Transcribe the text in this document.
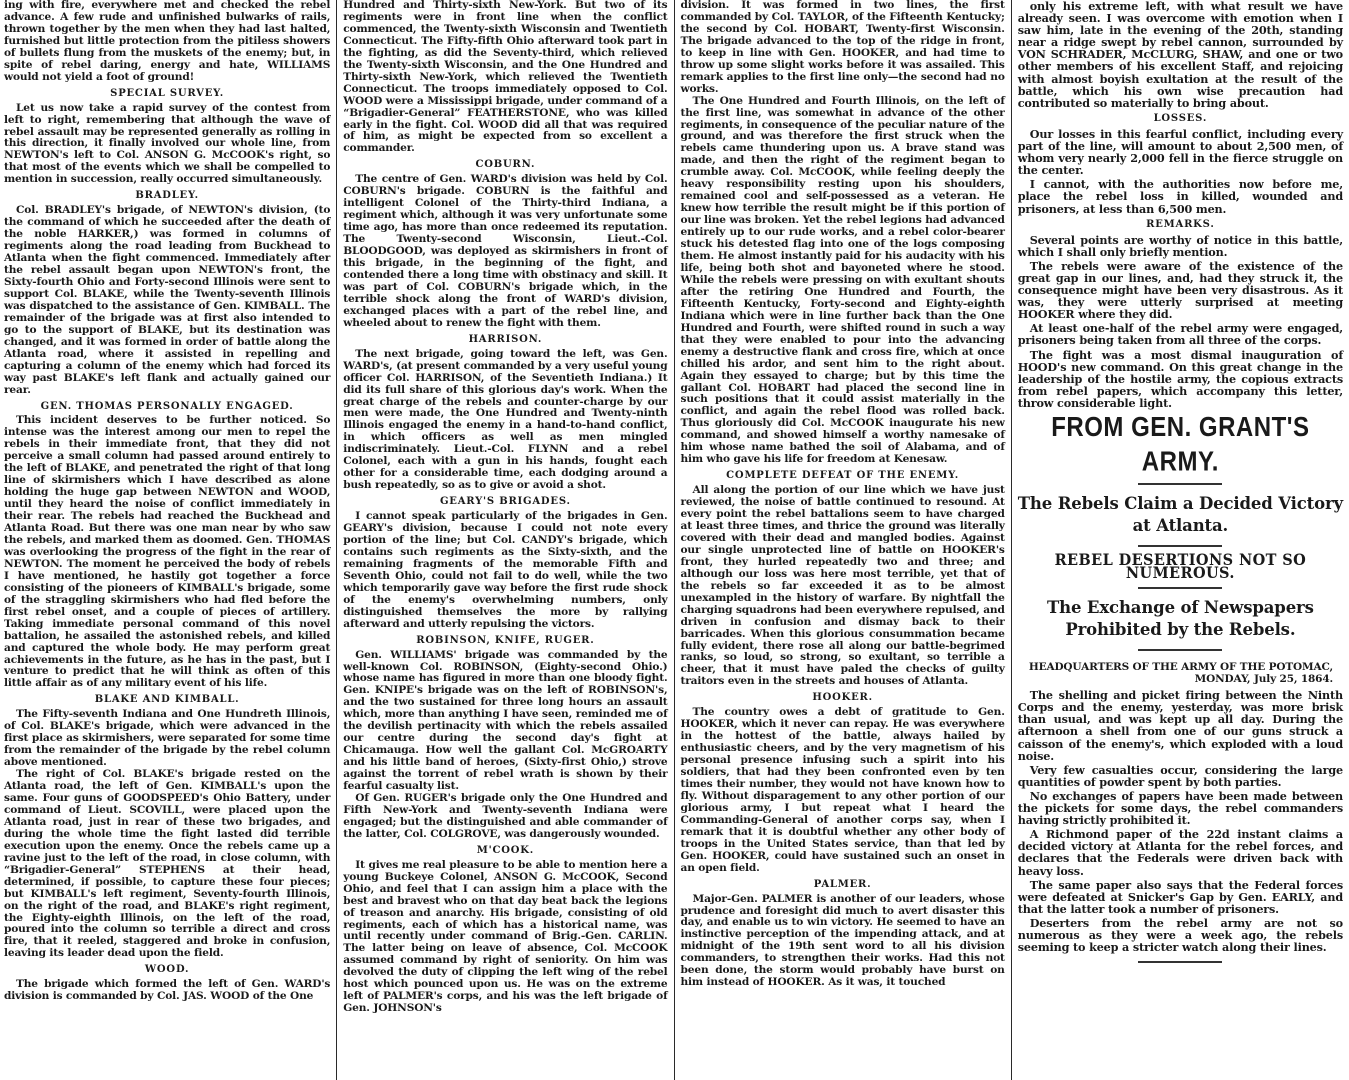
ing with fire, everywhere met and checked the rebel advance. A few rude and unfinished bulwarks of rails, thrown together by the men when they had last halted, furnished but little protection from the pitiless showers of bullets flung from the muskets of the enemy; but, in spite of rebel daring, energy and hate, WILLIAMS would not yield a foot of ground!

SPECIAL SURVEY.

Let us now take a rapid survey of the contest from left to right, remembering that although the wave of rebel assault may be represented generally as rolling in this direction, it finally involved our whole line, from NEWTON's left to Col. ANSON G. McCOOK's right, so that most of the events which we shall be compelled to mention in succession, really occurred simultaneously.

BRADLEY.

Col. BRADLEY's brigade, of NEWTON's division, (to the command of which he succeeded after the death of the noble HARKER,) was formed in columns of regiments along the road leading from Buckhead to Atlanta when the fight commenced. Immediately after the rebel assault began upon NEWTON's front, the Sixty-fourth Ohio and Forty-second Illinois were sent to support Col. BLAKE, while the Twenty-seventh Illinois was dispatched to the assistance of Gen. KIMBALL. The remainder of the brigade was at first also intended to go to the support of BLAKE, but its destination was changed, and it was formed in order of battle along the Atlanta road, where it assisted in repelling and capturing a column of the enemy which had forced its way past BLAKE's left flank and actually gained our rear.

GEN. THOMAS PERSONALLY ENGAGED.

This incident deserves to be further noticed. So intense was the interest among our men to repel the rebels in their immediate front, that they did not perceive a small column had passed around entirely to the left of BLAKE, and penetrated the right of that long line of skirmishers which I have described as alone holding the huge gap between NEWTON and WOOD, until they heard the noise of conflict immediately in their rear. The rebels had reached the Buckhead and Atlanta Road. But there was one man near by who saw the rebels, and marked them as doomed. Gen. THOMAS was overlooking the progress of the fight in the rear of NEWTON. The moment he perceived the body of rebels I have mentioned, he hastily got together a force consisting of the pioneers of KIMBALL's brigade, some of the straggling skirmishers who had fled before the first rebel onset, and a couple of pieces of artillery. Taking immediate personal command of this novel battalion, he assailed the astonished rebels, and killed and captured the whole body. He may perform great achievements in the future, as he has in the past, but I venture to predict that he will think as often of this little affair as of any military event of his life.

BLAKE AND KIMBALL.

The Fifty-seventh Indiana and One Hundreth Illinois, of Col. BLAKE's brigade, which were advanced in the first place as skirmishers, were separated for some time from the remainder of the brigade by the rebel column above mentioned.

The right of Col. BLAKE's brigade rested on the Atlanta road, the left of Gen. KIMBALL's upon the same. Four guns of GOODSPEED's Ohio Battery, under command of Lieut. SCOVILL, were placed upon the Atlanta road, just in rear of these two brigades, and during the whole time the fight lasted did terrible execution upon the enemy. Once the rebels came up a ravine just to the left of the road, in close column, with “Brigadier-General” STEPHENS at their head, determined, if possible, to capture these four pieces; but KIMBALL's left regiment, Seventy-fourth Illinois, on the right of the road, and BLAKE's right regiment, the Eighty-eighth Illinois, on the left of the road, poured into the column so terrible a direct and cross fire, that it reeled, staggered and broke in confusion, leaving its leader dead upon the field.

WOOD.

The brigade which formed the left of Gen. WARD's division is commanded by Col. JAS. WOOD of the One

Hundred and Thirty-sixth New-York. But two of its regiments were in front line when the conflict commenced, the Twenty-sixth Wisconsin and Twentieth Connecticut. The Fifty-fifth Ohio afterward took part in the fighting, as did the Seventy-third, which relieved the Twenty-sixth Wisconsin, and the One Hundred and Thirty-sixth New-York, which relieved the Twentieth Connecticut. The troops immediately opposed to Col. WOOD were a Mississippi brigade, under command of a “Brigadier-General” FEATHERSTONE, who was killed early in the fight. Col. WOOD did all that was required of him, as might be expected from so excellent a commander.

COBURN.

The centre of Gen. WARD's division was held by Col. COBURN's brigade. COBURN is the faithful and intelligent Colonel of the Thirty-third Indiana, a regiment which, although it was very unfortunate some time ago, has more than once redeemed its reputation. The Twenty-second Wisconsin, Lieut.-Col. BLOODGOOD, was deployed as skirmishers in front of this brigade, in the beginning of the fight, and contended there a long time with obstinacy and skill. It was part of Col. COBURN's brigade which, in the terrible shock along the front of WARD's division, exchanged places with a part of the rebel line, and wheeled about to renew the fight with them.

HARRISON.

The next brigade, going toward the left, was Gen. WARD's, (at present commanded by a very useful young officer Col. HARRISON, of the Seventieth Indiana.) It did its full share of this glorious day's work. When the great charge of the rebels and counter-charge by our men were made, the One Hundred and Twenty-ninth Illinois engaged the enemy in a hand-to-hand conflict, in which officers as well as men mingled indiscriminately. Lieut.-Col. FLYNN and a rebel Colonel, each with a gun in his hands, fought each other for a considerable time, each dodging around a bush repeatedly, so as to give or avoid a shot.

GEARY'S BRIGADES.

I cannot speak particularly of the brigades in Gen. GEARY's division, because I could not note every portion of the line; but Col. CANDY's brigade, which contains such regiments as the Sixty-sixth, and the remaining fragments of the memorable Fifth and Seventh Ohio, could not fail to do well, while the two which temporarily gave way before the first rude shock of the enemy's overwhelming numbers, only distinguished themselves the more by rallying afterward and utterly repulsing the victors.

ROBINSON, KNIFE, RUGER.

Gen. WILLIAMS' brigade was commanded by the well-known Col. ROBINSON, (Eighty-second Ohio.) whose name has figured in more than one bloody fight. Gen. KNIPE's brigade was on the left of ROBINSON's, and the two sustained for three long hours an assault which, more than anything I have seen, reminded me of the devilish pertinacity with which the rebels assailed our centre during the second day's fight at Chicamauga. How well the gallant Col. McGROARTY and his little band of heroes, (Sixty-first Ohio,) strove against the torrent of rebel wrath is shown by their fearful casualty list.

Of Gen. RUGER's brigade only the One Hundred and Fifth New-York and Twenty-seventh Indiana were engaged; but the distinguished and able commander of the latter, Col. COLGROVE, was dangerously wounded.

M'COOK.

It gives me real pleasure to be able to mention here a young Buckeye Colonel, ANSON G. McCOOK, Second Ohio, and feel that I can assign him a place with the best and bravest who on that day beat back the legions of treason and anarchy. His brigade, consisting of old regiments, each of which has a historical name, was until recently under command of Brig.-Gen. CARLIN. The latter being on leave of absence, Col. McCOOK assumed command by right of seniority. On him was devolved the duty of clipping the left wing of the rebel host which pounced upon us. He was on the extreme left of PALMER's corps, and his was the left brigade of Gen. JOHNSON's

division. It was formed in two lines, the first commanded by Col. TAYLOR, of the Fifteenth Kentucky; the second by Col. HOBART, Twenty-first Wisconsin. The brigade advanced to the top of the ridge in front, to keep in line with Gen. HOOKER, and had time to throw up some slight works before it was assailed. This remark applies to the first line only—the second had no works.

The One Hundred and Fourth Illinois, on the left of the first line, was somewhat in advance of the other regiments, in consequence of the peculiar nature of the ground, and was therefore the first struck when the rebels came thundering upon us. A brave stand was made, and then the right of the regiment began to crumble away. Col. McCOOK, while feeling deeply the heavy responsibility resting upon his shoulders, remained cool and self-possessed as a veteran. He knew how terrible the result might be if this portion of our line was broken. Yet the rebel legions had advanced entirely up to our rude works, and a rebel color-bearer stuck his detested flag into one of the logs composing them. He almost instantly paid for his audacity with his life, being both shot and bayoneted where he stood. While the rebels were pressing on with exultant shouts after the retiring One Hundred and Fourth, the Fifteenth Kentucky, Forty-second and Eighty-eighth Indiana which were in line further back than the One Hundred and Fourth, were shifted round in such a way that they were enabled to pour into the advancing enemy a destructive flank and cross fire, which at once chilled his ardor, and sent him to the right about. Again they essayed to charge; but by this time the gallant Col. HOBART had placed the second line in such positions that it could assist materially in the conflict, and again the rebel flood was rolled back. Thus gloriously did Col. McCOOK inaugurate his new command, and showed himself a worthy namesake of him whose name bathed the soil of Alabama, and of him who gave his life for freedom at Kenesaw.

COMPLETE DEFEAT OF THE ENEMY.

All along the portion of our line which we have just reviewed, the noise of battle continued to resound. At every point the rebel battalions seem to have charged at least three times, and thrice the ground was literally covered with their dead and mangled bodies. Against our single unprotected line of battle on HOOKER's front, they hurled repeatedly two and three; and although our loss was here most terrible, yet that of the rebels so far exceeded it as to be almost unexampled in the history of warfare. By nightfall the charging squadrons had been everywhere repulsed, and driven in confusion and dismay back to their barricades. When this glorious consummation became fully evident, there rose all along our battle-begrimed ranks, so loud, so strong, so exultant, so terrible a cheer, that it must have paled the checks of guilty traitors even in the streets and houses of Atlanta.

HOOKER.

The country owes a debt of gratitude to Gen. HOOKER, which it never can repay. He was everywhere in the hottest of the battle, always hailed by enthusiastic cheers, and by the very magnetism of his personal presence infusing such a spirit into his soldiers, that had they been confronted even by ten times their number, they would not have known how to fly. Without disparagement to any other portion of our glorious army, I but repeat what I heard the Commanding-General of another corps say, when I remark that it is doubtful whether any other body of troops in the United States service, than that led by Gen. HOOKER, could have sustained such an onset in an open field.

PALMER.

Major-Gen. PALMER is another of our leaders, whose prudence and foresight did much to avert disaster this day, and enable us to win victory. He seemed to have an instinctive perception of the impending attack, and at midnight of the 19th sent word to all his division commanders, to strengthen their works. Had this not been done, the storm would probably have burst on him instead of HOOKER. As it was, it touched

only his extreme left, with what result we have already seen. I was overcome with emotion when I saw him, late in the evening of the 20th, standing near a ridge swept by rebel cannon, surrounded by VON SCHRADER, McCLURG, SHAW, and one or two other members of his excellent Staff, and rejoicing with almost boyish exultation at the result of the battle, which his own wise precaution had contributed so materially to bring about.

LOSSES.

Our losses in this fearful conflict, including every part of the line, will amount to about 2,500 men, of whom very nearly 2,000 fell in the fierce struggle on the center.

I cannot, with the authorities now before me, place the rebel loss in killed, wounded and prisoners, at less than 6,500 men.

REMARKS.

Several points are worthy of notice in this battle, which I shall only briefly mention.

The rebels were aware of the existence of the great gap in our lines, and, had they struck it, the consequence might have been very disastrous. As it was, they were utterly surprised at meeting HOOKER where they did.

At least one-half of the rebel army were engaged, prisoners being taken from all three of the corps.

The fight was a most dismal inauguration of HOOD's new command. On this great change in the leadership of the hostile army, the copious extracts from rebel papers, which accompany this letter, throw considerable light.

FROM GEN. GRANT'S ARMY.
The Rebels Claim a Decided Victory at Atlanta.
REBEL DESERTIONS NOT SO NUMEROUS.
The Exchange of Newspapers Prohibited by the Rebels.
HEADQUARTERS OF THE ARMY OF THE POTOMAC,
MONDAY, July 25, 1864.

The shelling and picket firing between the Ninth Corps and the enemy, yesterday, was more brisk than usual, and was kept up all day. During the afternoon a shell from one of our guns struck a caisson of the enemy's, which exploded with a loud noise.

Very few casualties occur, considering the large quantities of powder spent by both parties.

No exchanges of papers have been made between the pickets for some days, the rebel commanders having strictly prohibited it.

A Richmond paper of the 22d instant claims a decided victory at Atlanta for the rebel forces, and declares that the Federals were driven back with heavy loss.

The same paper also says that the Federal forces were defeated at Snicker's Gap by Gen. EARLY, and that the latter took a number of prisoners.

Deserters from the rebel army are not so numerous as they were a week ago, the rebels seeming to keep a stricter watch along their lines.
